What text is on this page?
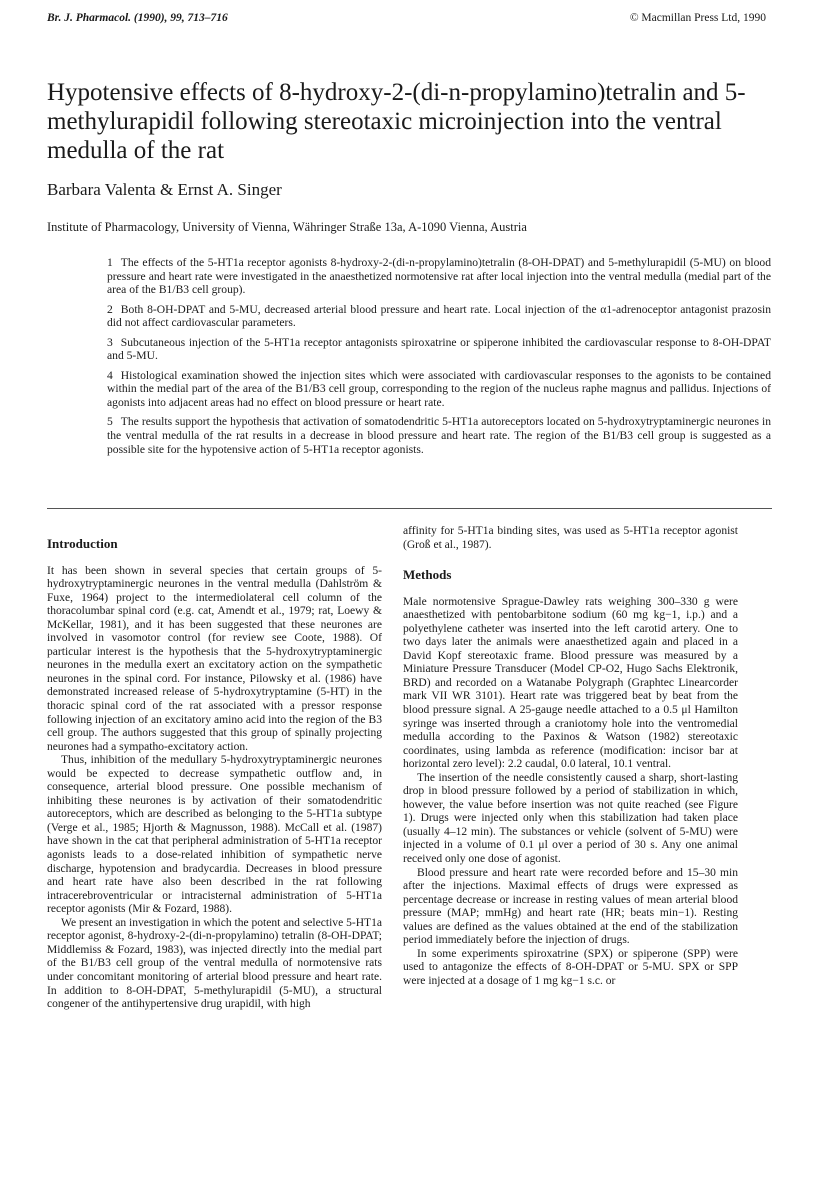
Br. J. Pharmacol. (1990), 99, 713–716	© Macmillan Press Ltd, 1990
Hypotensive effects of 8-hydroxy-2-(di-n-propylamino)tetralin and 5-methylurapidil following stereotaxic microinjection into the ventral medulla of the rat
Barbara Valenta & Ernst A. Singer
Institute of Pharmacology, University of Vienna, Währinger Straße 13a, A-1090 Vienna, Austria

1 The effects of the 5-HT1a receptor agonists 8-hydroxy-2-(di-n-propylamino)tetralin (8-OH-DPAT) and 5-methylurapidil (5-MU) on blood pressure and heart rate were investigated in the anaesthetized normotensive rat after local injection into the ventral medulla (medial part of the area of the B1/B3 cell group).

2 Both 8-OH-DPAT and 5-MU, decreased arterial blood pressure and heart rate. Local injection of the α1-adrenoceptor antagonist prazosin did not affect cardiovascular parameters.

3 Subcutaneous injection of the 5-HT1a receptor antagonists spiroxatrine or spiperone inhibited the cardiovascular response to 8-OH-DPAT and 5-MU.

4 Histological examination showed the injection sites which were associated with cardiovascular responses to the agonists to be contained within the medial part of the area of the B1/B3 cell group, corresponding to the region of the nucleus raphe magnus and pallidus. Injections of agonists into adjacent areas had no effect on blood pressure or heart rate.

5 The results support the hypothesis that activation of somatodendritic 5-HT1a autoreceptors located on 5-hydroxytryptaminergic neurones in the ventral medulla of the rat results in a decrease in blood pressure and heart rate. The region of the B1/B3 cell group is suggested as a possible site for the hypotensive action of 5-HT1a receptor agonists.

Introduction

It has been shown in several species that certain groups of 5-hydroxytryptaminergic neurones in the ventral medulla (Dahlström & Fuxe, 1964) project to the intermediolateral cell column of the thoracolumbar spinal cord (e.g. cat, Amendt et al., 1979; rat, Loewy & McKellar, 1981), and it has been suggested that these neurones are involved in vasomotor control (for review see Coote, 1988). Of particular interest is the hypothesis that the 5-hydroxytryptaminergic neurones in the medulla exert an excitatory action on the sympathetic neurones in the spinal cord. For instance, Pilowsky et al. (1986) have demonstrated increased release of 5-hydroxytryptamine (5-HT) in the thoracic spinal cord of the rat associated with a pressor response following injection of an excitatory amino acid into the region of the B3 cell group. The authors suggested that this group of spinally projecting neurones had a sympatho-excitatory action.

Thus, inhibition of the medullary 5-hydroxytryptaminergic neurones would be expected to decrease sympathetic outflow and, in consequence, arterial blood pressure. One possible mechanism of inhibiting these neurones is by activation of their somatodendritic autoreceptors, which are described as belonging to the 5-HT1a subtype (Verge et al., 1985; Hjorth & Magnusson, 1988). McCall et al. (1987) have shown in the cat that peripheral administration of 5-HT1a receptor agonists leads to a dose-related inhibition of sympathetic nerve discharge, hypotension and bradycardia. Decreases in blood pressure and heart rate have also been described in the rat following intracerebroventricular or intracisternal administration of 5-HT1a receptor agonists (Mir & Fozard, 1988).

We present an investigation in which the potent and selective 5-HT1a receptor agonist, 8-hydroxy-2-(di-n-propylamino) tetralin (8-OH-DPAT; Middlemiss & Fozard, 1983), was injected directly into the medial part of the B1/B3 cell group of the ventral medulla of normotensive rats under concomitant monitoring of arterial blood pressure and heart rate. In addition to 8-OH-DPAT, 5-methylurapidil (5-MU), a structural congener of the antihypertensive drug urapidil, with high

affinity for 5-HT1a binding sites, was used as 5-HT1a receptor agonist (Groß et al., 1987).

Methods

Male normotensive Sprague-Dawley rats weighing 300–330 g were anaesthetized with pentobarbitone sodium (60 mg kg−1, i.p.) and a polyethylene catheter was inserted into the left carotid artery. One to two days later the animals were anaesthetized again and placed in a David Kopf stereotaxic frame. Blood pressure was measured by a Miniature Pressure Transducer (Model CP-O2, Hugo Sachs Elektronik, BRD) and recorded on a Watanabe Polygraph (Graphtec Linearcorder mark VII WR 3101). Heart rate was triggered beat by beat from the blood pressure signal. A 25-gauge needle attached to a 0.5 μl Hamilton syringe was inserted through a craniotomy hole into the ventromedial medulla according to the Paxinos & Watson (1982) stereotaxic coordinates, using lambda as reference (modification: incisor bar at horizontal zero level): 2.2 caudal, 0.0 lateral, 10.1 ventral.

The insertion of the needle consistently caused a sharp, short-lasting drop in blood pressure followed by a period of stabilization in which, however, the value before insertion was not quite reached (see Figure 1). Drugs were injected only when this stabilization had taken place (usually 4–12 min). The substances or vehicle (solvent of 5-MU) were injected in a volume of 0.1 μl over a period of 30 s. Any one animal received only one dose of agonist.

Blood pressure and heart rate were recorded before and 15–30 min after the injections. Maximal effects of drugs were expressed as percentage decrease or increase in resting values of mean arterial blood pressure (MAP; mmHg) and heart rate (HR; beats min−1). Resting values are defined as the values obtained at the end of the stabilization period immediately before the injection of drugs.

In some experiments spiroxatrine (SPX) or spiperone (SPP) were used to antagonize the effects of 8-OH-DPAT or 5-MU. SPX or SPP were injected at a dosage of 1 mg kg−1 s.c. or
